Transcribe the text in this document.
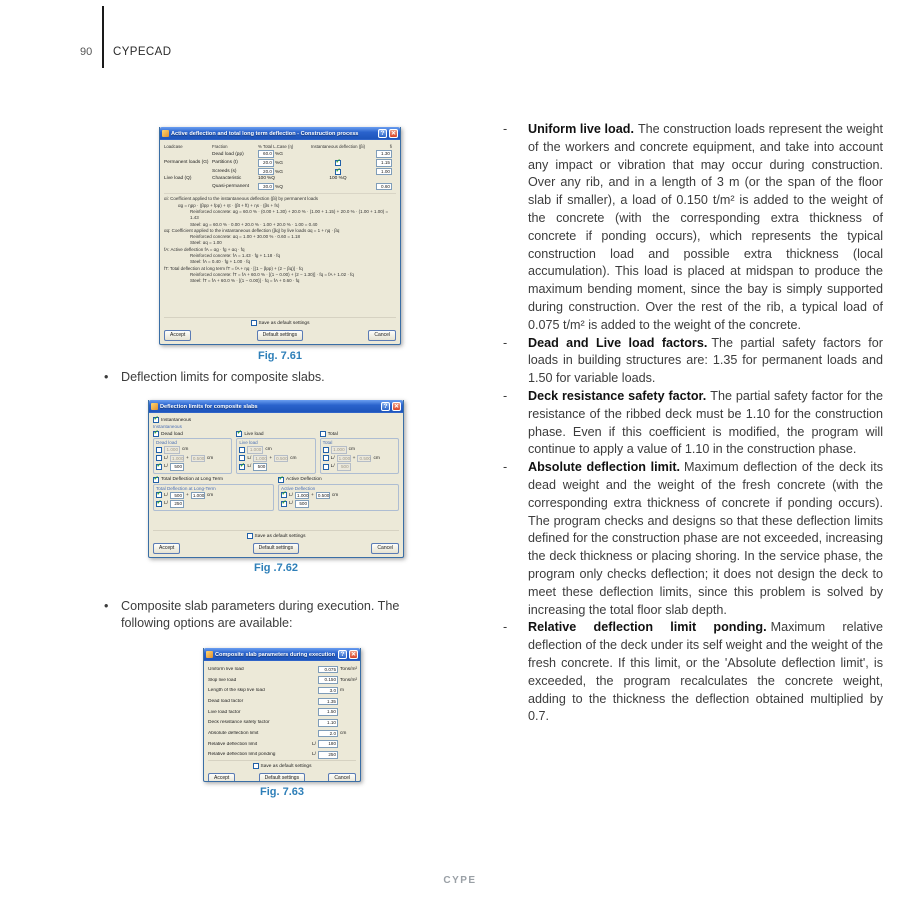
90 CYPECAD
Active deflection and total long term deflection - Construction process	?	✕
Loadcase	Fraction	% Total L.Case (η)	Instantaneous deflection (βi)	fi
Dead load (pp)	60.0 %G	1.30
Permanent loads (G) Partitions (t)	20.0 %G	✓	1.15
Screeds (s)	20.0 %G	✓	1.00
Live load (Q)	Characteristic	100%Q	100 %Q
Quasi-permanent	30.0 %Q	0.60
αi: Coefficient applied to the instantaneous deflection (βi) by permanent loads
αg = ηpp · (βpp + fpp) + ηt · (βt + ft) + ηs · (βs + fs)
Reinforced concrete: αg = 60.0 % · (0.00 + 1.30) + 20.0 % · (1.00 + 1.15) + 20.0 % · (1.00 + 1.00) = 1.43
Steel: αg = 60.0 % · 0.00 + 20.0 % · 1.00 + 20.0 % · 1.00 = 0.40
αq: Coefficient applied to the instantaneous deflection (βq) by live loads αq = 1 + ηq · βq
Reinforced concrete: αq = 1.00 + 30.00 % · 0.60 = 1.18
Steel: αq = 1.00
fA: Active deflection fA = αg · fg + αq · fq
Reinforced concrete: fA = 1.43 · fg + 1.18 · fq
Steel: fA = 0.40 · fg + 1.00 · fq
fT: Total deflection at long term fT = fA + ηq · [(1 − βpp) + (2 − βq)] · fq
Reinforced concrete: fT = fA + 60.0 % · [(1 − 0.00) + (2 − 1.30)] · fq = fA + 1.02 · fq
Steel: fT = fA + 60.0 % · [(1 − 0.00)] · fq = fA + 0.60 · fq
Save as default settings
Accept	Default settings	Cancel
Fig. 7.61
• Deflection limits for composite slabs.
Deflection limits for composite slabs	?	✕
✓ Instantaneous
Instantaneous
✓ Dead load
Dead load
1.000 cm
L/ 1.000 + 0.500 cm
✓ L/	500
✓ Live load
Live load
1.000 cm
L/ 1.000 + 0.500 cm
✓ L/	500
Total
Total
1.000 cm
L/ 1.000 + 0.500 cm
L/	500
✓ Total Deflection at Long Term
Total Deflection at Long-Term
✓ L/	500 + 1.000 cm
✓ L/	250
✓ Active Deflection
Active Deflection
✓ L/ 1.000 + 0.500 cm
✓ L/	500
Save as default settings
Accept	Default settings	Cancel
Fig .7.62
• Composite slab parameters during execution. The following options are available:
Composite slab parameters during execution ?	✕
Uniform live load	0.075 Tons/m²
Skip live load	0.150 Tons/m²
Length of the skip live load	3.0 m
Dead load factor	1.35
Live load factor	1.50
Deck resistance safety factor	1.10
Absolute deflection limit	2.0 cm
Relative deflection limit	L/	180
Relative deflection limit ponding	L/	250
Save as default settings
Accept	Default settings	Cancel
Fig. 7.63
-	Uniform live load. The construction loads represent the weight of the workers and concrete equipment, and take into account any impact or vibration that may occur during construction. Over any rib, and in a length of 3 m (or the span of the floor slab if smaller), a load of 0.150 t/m² is added to the weight of the concrete (with the corresponding extra thickness of concrete if ponding occurs), which represents the typical construction load and possible extra thickness (local accumulation). This load is placed at midspan to produce the maximum bending moment, since the bay is simply supported during construction. Over the rest of the rib, a typical load of 0.075 t/m² is added to the weight of the concrete.

-	Dead and Live load factors. The partial safety factors for loads in building structures are: 1.35 for permanent loads and 1.50 for variable loads.

-	Deck resistance safety factor. The partial safety factor for the resistance of the ribbed deck must be 1.10 for the construction phase. Even if this coefficient is modified, the program will continue to apply a value of 1.10 in the construction phase.

-	Absolute deflection limit. Maximum deflection of the deck its dead weight and the weight of the fresh concrete (with the corresponding extra thickness of concrete if ponding occurs). The program checks and designs so that these deflection limits defined for the construction phase are not exceeded, increasing the deck thickness or placing shoring. In the service phase, the program only checks deflection; it does not design the deck to meet these deflection limits, since this problem is solved by increasing the total floor slab depth.

-	Relative deflection limit ponding. Maximum relative deflection of the deck under its self weight and the weight of the fresh concrete. If this limit, or the 'Absolute deflection limit', is exceeded, the program recalculates the concrete weight, adding to the thickness the deflection obtained multiplied by 0.7.

CYPE
